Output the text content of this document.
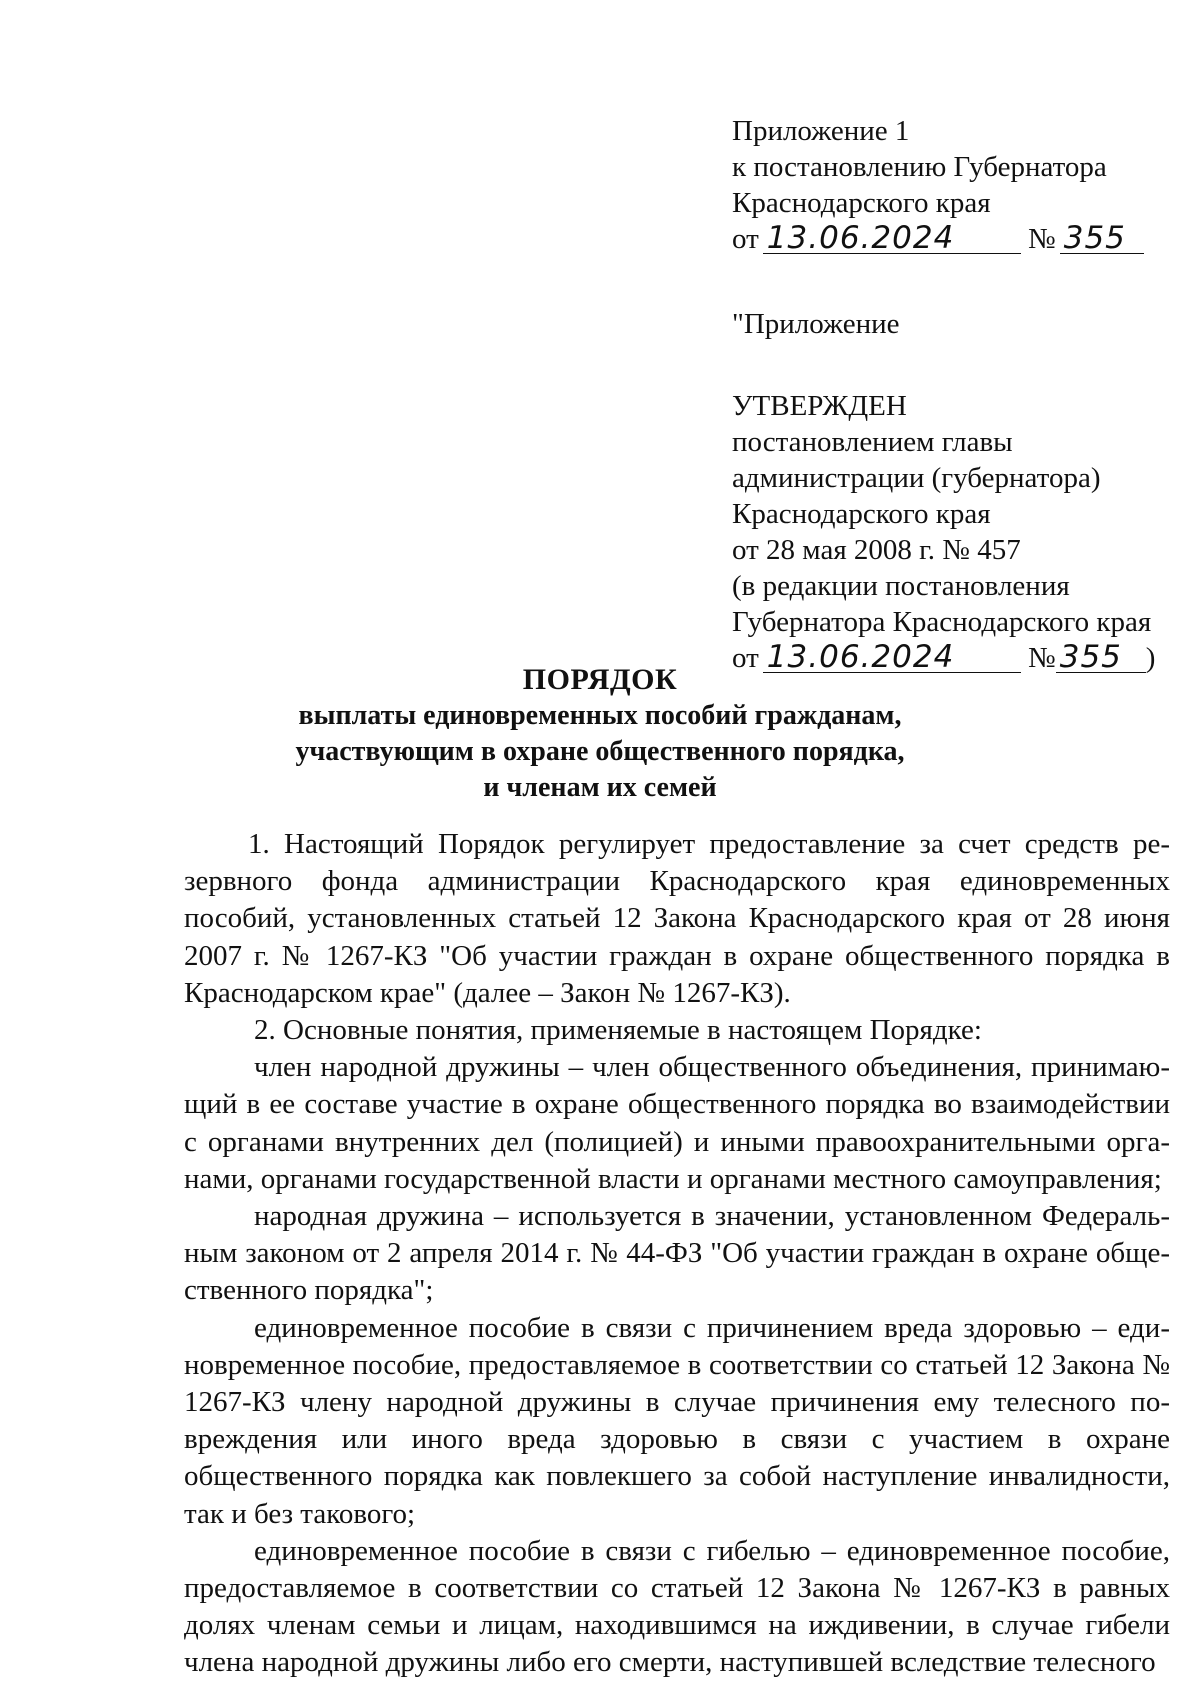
Приложение 1
к постановлению Губернатора
Краснодарского края
от 13.06.2024	№ 355
"Приложение
УТВЕРЖДЕН
постановлением главы
администрации (губернатора)
Краснодарского края
от 28 мая 2008 г. № 457
(в редакции постановления
Губернатора Краснодарского края
от 13.06.2024	№ 355 )
ПОРЯДОК
выплаты единовременных пособий гражданам,
участвующим в охране общественного порядка,
и членам их семей

1. Настоящий Порядок регулирует предоставление за счет средств резервного фонда администрации Краснодарского края единовременных пособий, установленных статьей 12 Закона Краснодарского края от 28 июня 2007 г. № 1267-КЗ "Об участии граждан в охране общественного порядка в Краснодарском крае" (далее – Закон № 1267-КЗ).

2. Основные понятия, применяемые в настоящем Порядке:

член народной дружины – член общественного объединения, принимающий в ее составе участие в охране общественного порядка во взаимодействии с органами внутренних дел (полицией) и иными правоохранительными органами, органами государственной власти и органами местного самоуправления;

народная дружина – используется в значении, установленном Федеральным законом от 2 апреля 2014 г. № 44-ФЗ "Об участии граждан в охране общественного порядка";

единовременное пособие в связи с причинением вреда здоровью – единовременное пособие, предоставляемое в соответствии со статьей 12 Закона № 1267-КЗ члену народной дружины в случае причинения ему телесного повреждения или иного вреда здоровью в связи с участием в охране общественного порядка как повлекшего за собой наступление инвалидности, так и без такового;

единовременное пособие в связи с гибелью – единовременное пособие, предоставляемое в соответствии со статьей 12 Закона № 1267-КЗ в равных долях членам семьи и лицам, находившимся на иждивении, в случае гибели члена народной дружины либо его смерти, наступившей вследствие телесного
